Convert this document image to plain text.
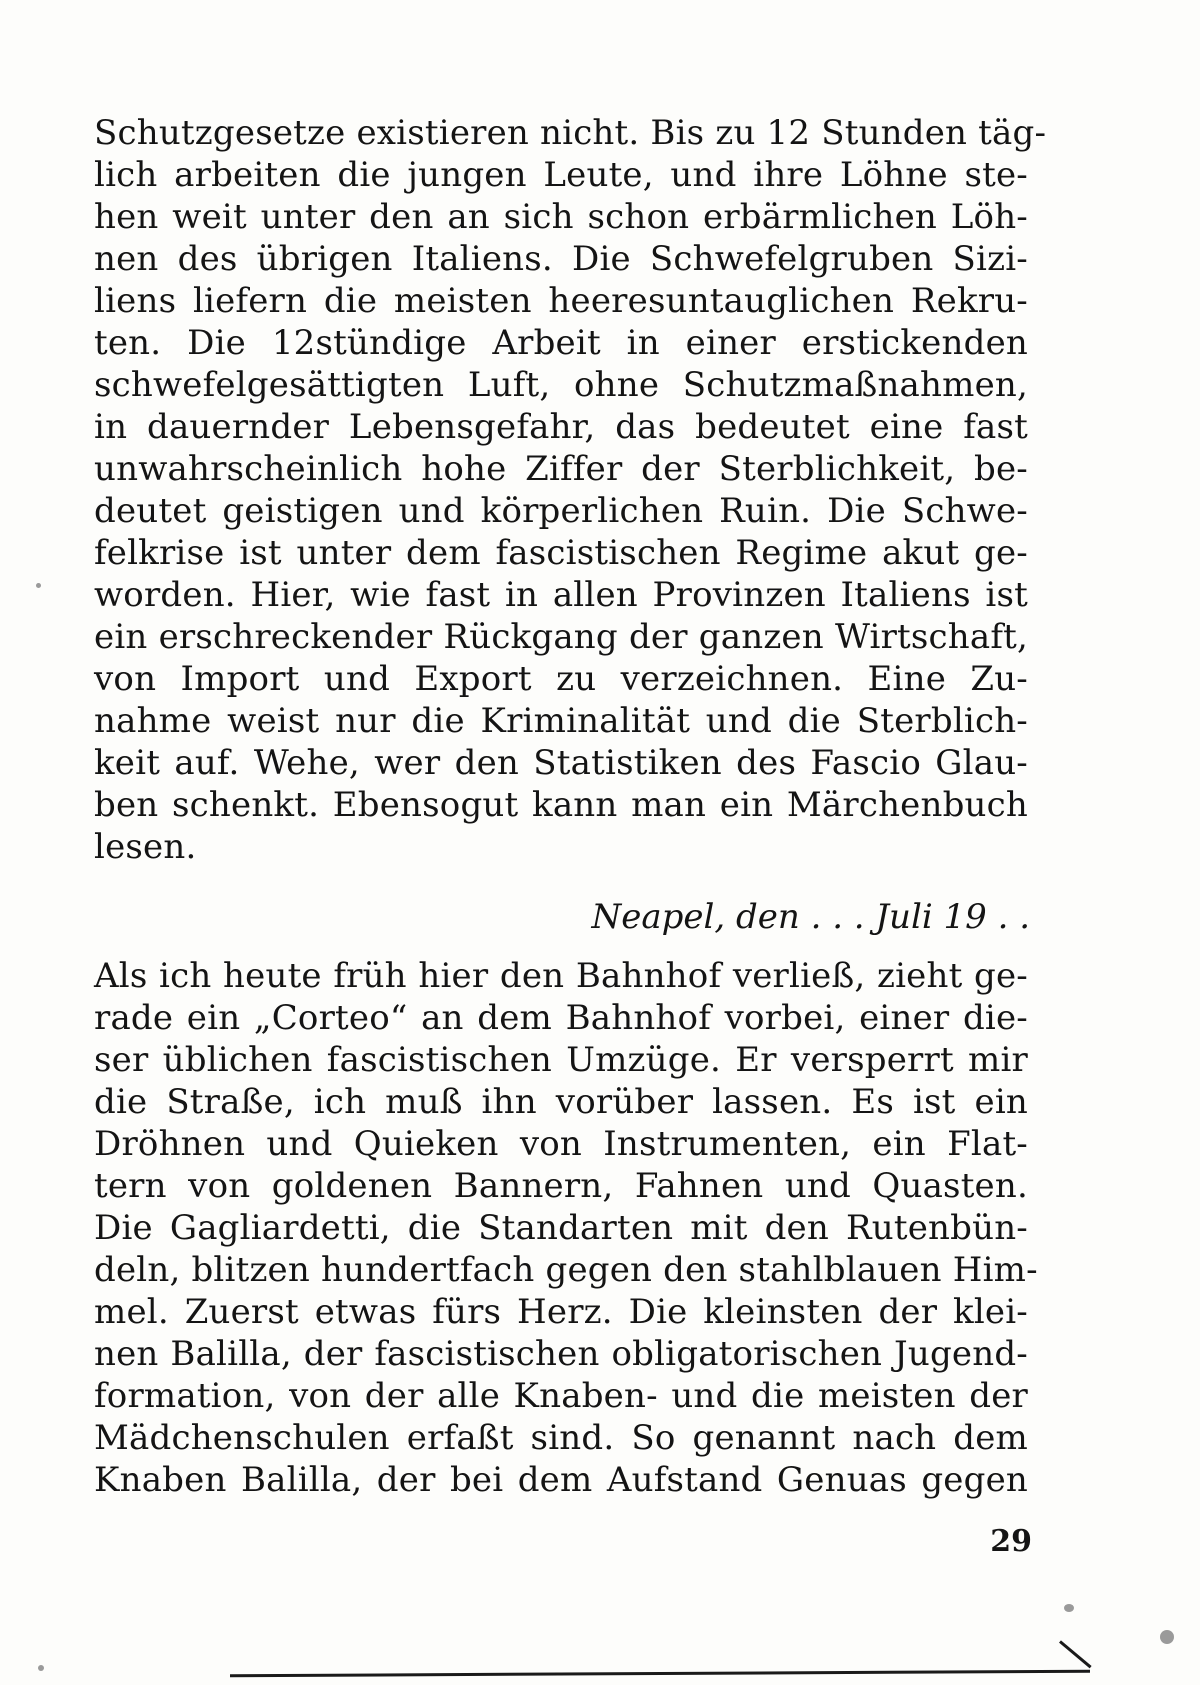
Schutzgesetze existieren nicht. Bis zu 12 Stunden täg-
lich arbeiten die jungen Leute, und ihre Löhne ste-
hen weit unter den an sich schon erbärmlichen Löh-
nen des übrigen Italiens. Die Schwefelgruben Sizi-
liens liefern die meisten heeresuntauglichen Rekru-
ten. Die 12stündige Arbeit in einer erstickenden
schwefelgesättigten Luft, ohne Schutzmaßnahmen,
in dauernder Lebensgefahr, das bedeutet eine fast
unwahrscheinlich hohe Ziffer der Sterblichkeit, be-
deutet geistigen und körperlichen Ruin. Die Schwe-
felkrise ist unter dem fascistischen Regime akut ge-
worden. Hier, wie fast in allen Provinzen Italiens ist
ein erschreckender Rückgang der ganzen Wirtschaft,
von Import und Export zu verzeichnen. Eine Zu-
nahme weist nur die Kriminalität und die Sterblich-
keit auf. Wehe, wer den Statistiken des Fascio Glau-
ben schenkt. Ebensogut kann man ein Märchenbuch
lesen.
Neapel, den . . . Juli 19 . .
Als ich heute früh hier den Bahnhof verließ, zieht ge-
rade ein „Corteo“ an dem Bahnhof vorbei, einer die-
ser üblichen fascistischen Umzüge. Er versperrt mir
die Straße, ich muß ihn vorüber lassen. Es ist ein
Dröhnen und Quieken von Instrumenten, ein Flat-
tern von goldenen Bannern, Fahnen und Quasten.
Die Gagliardetti, die Standarten mit den Rutenbün-
deln, blitzen hundertfach gegen den stahlblauen Him-
mel. Zuerst etwas fürs Herz. Die kleinsten der klei-
nen Balilla, der fascistischen obligatorischen Jugend-
formation, von der alle Knaben- und die meisten der
Mädchenschulen erfaßt sind. So genannt nach dem
Knaben Balilla, der bei dem Aufstand Genuas gegen
29
